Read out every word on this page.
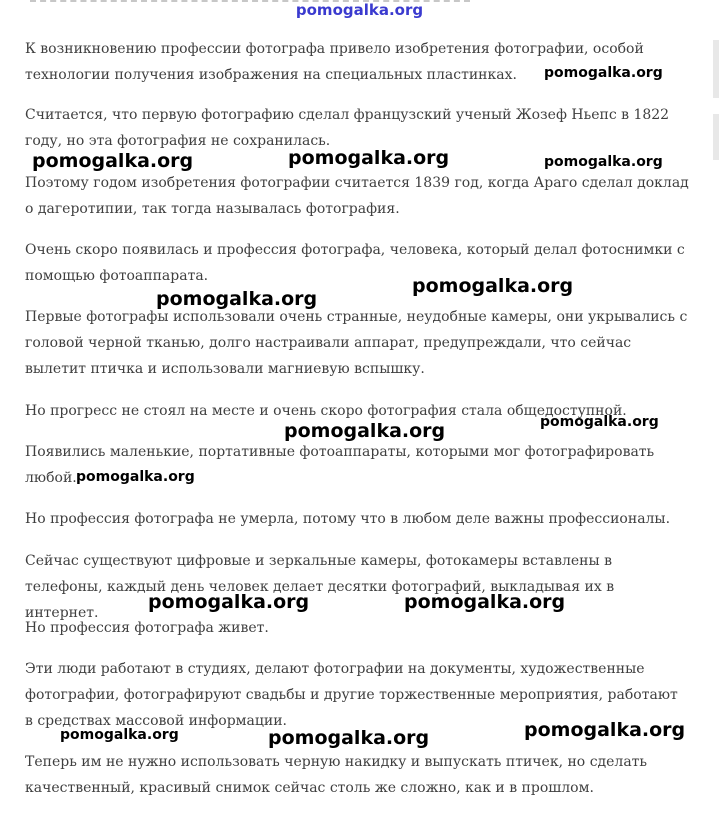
pomogalka.org

К возникновению профессии фотографа привело изобретения фотографии, особой технологии получения изображения на специальных пластинках.

Считается, что первую фотографию сделал французский ученый Жозеф Ньепс в 1822 году, но эта фотография не сохранилась.

Поэтому годом изобретения фотографии считается 1839 год, когда Араго сделал доклад о дагеротипии, так тогда называлась фотография.

Очень скоро появилась и профессия фотографа, человека, который делал фотоснимки с помощью фотоаппарата.

Первые фотографы использовали очень странные, неудобные камеры, они укрывались с головой черной тканью, долго настраивали аппарат, предупреждали, что сейчас вылетит птичка и использовали магниевую вспышку.

Но прогресс не стоял на месте и очень скоро фотография стала общедоступной.

Появились маленькие, портативные фотоаппараты, которыми мог фотографировать любой.

Но профессия фотографа не умерла, потому что в любом деле важны профессионалы.

Сейчас существуют цифровые и зеркальные камеры, фотокамеры вставлены в телефоны, каждый день человек делает десятки фотографий, выкладывая их в интернет.

Но профессия фотографа живет.

Эти люди работают в студиях, делают фотографии на документы, художественные фотографии, фотографируют свадьбы и другие торжественные мероприятия, работают в средствах массовой информации.

Теперь им не нужно использовать черную накидку и выпускать птичек, но сделать качественный, красивый снимок сейчас столь же сложно, как и в прошлом.

pomogalka.org
pomogalka.org	pomogalka.org	pomogalka.org
pomogalka.org
pomogalka.org
pomogalka.org
pomogalka.org
pomogalka.org
pomogalka.org	pomogalka.org
pomogalka.org
pomogalka.org	pomogalka.org
